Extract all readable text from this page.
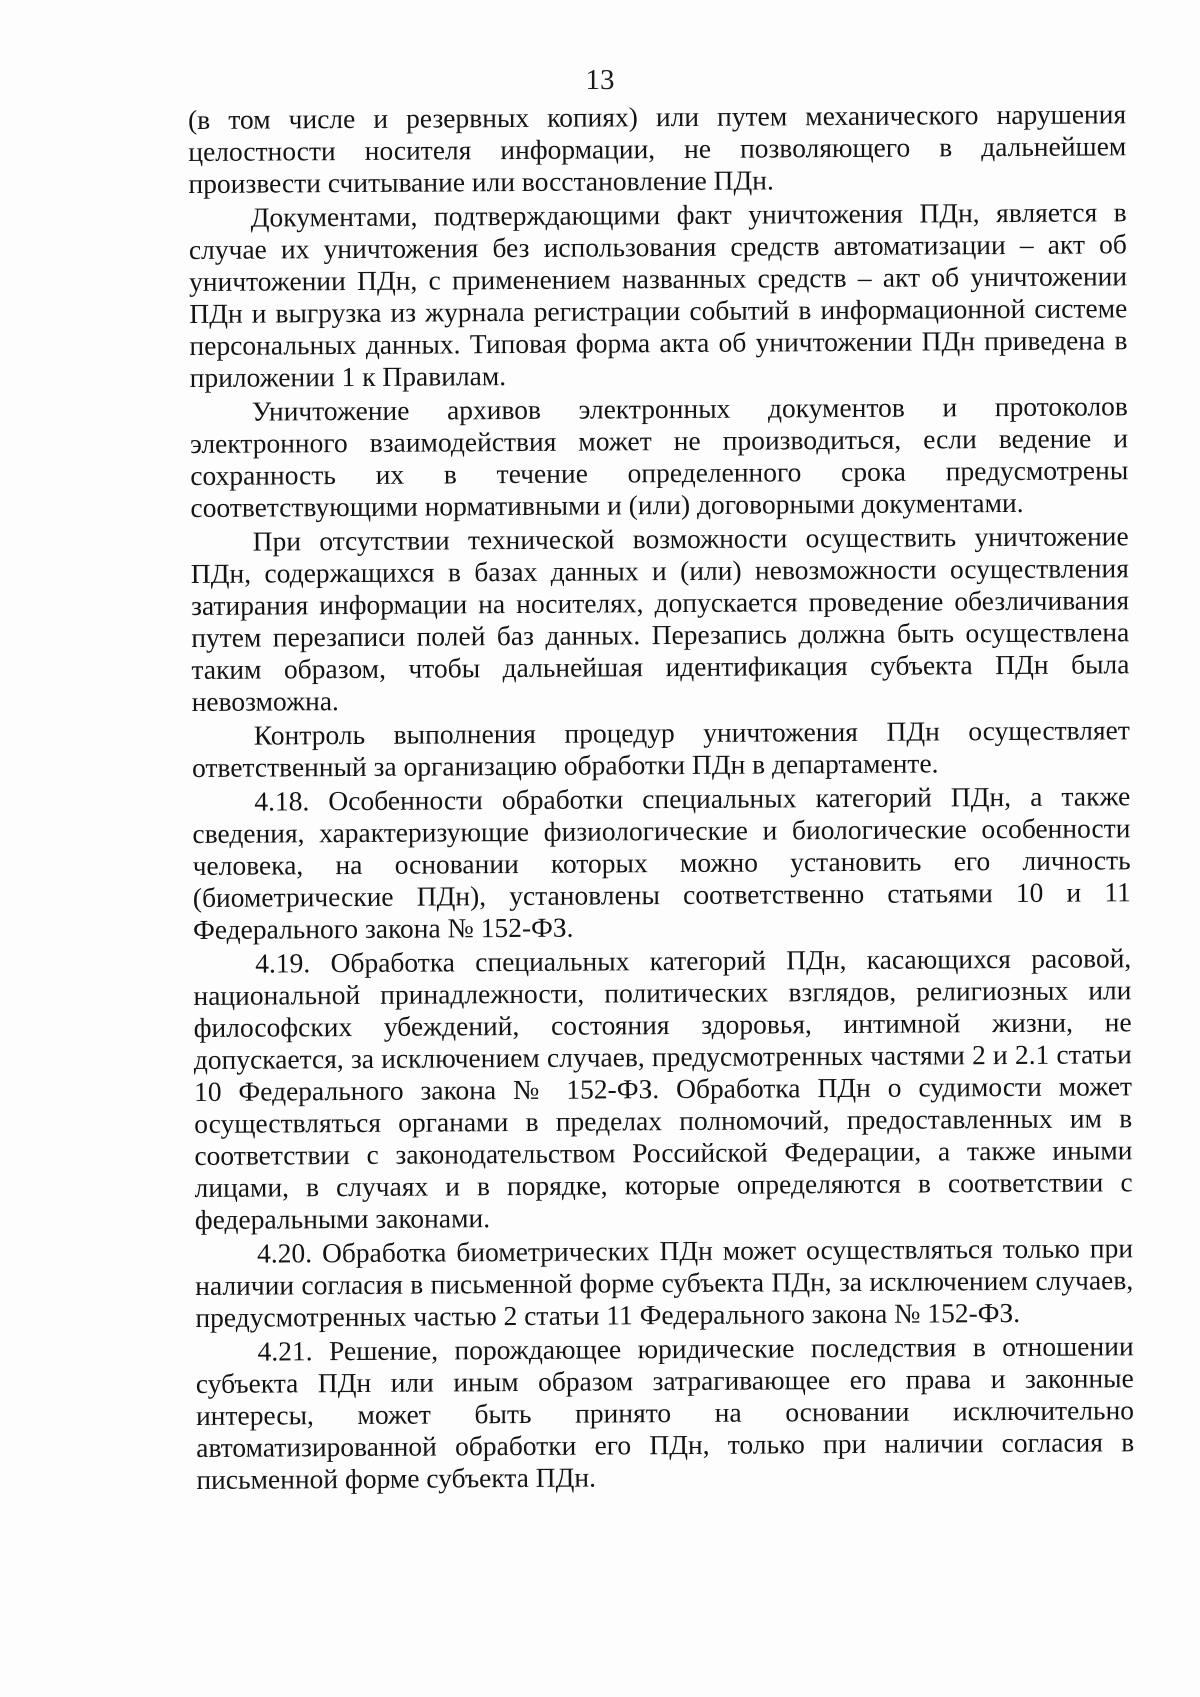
13

(в том числе и резервных копиях) или путем механического нарушения целостности носителя информации, не позволяющего в дальнейшем произвести считывание или восстановление ПДн.

Документами, подтверждающими факт уничтожения ПДн, является в случае их уничтожения без использования средств автоматизации – акт об уничтожении ПДн, с применением названных средств – акт об уничтожении ПДн и выгрузка из журнала регистрации событий в информационной системе персональных данных. Типовая форма акта об уничтожении ПДн приведена в приложении 1 к Правилам.

Уничтожение архивов электронных документов и протоколов электронного взаимодействия может не производиться, если ведение и сохранность их в течение определенного срока предусмотрены соответствующими нормативными и (или) договорными документами.

При отсутствии технической возможности осуществить уничтожение ПДн, содержащихся в базах данных и (или) невозможности осуществления затирания информации на носителях, допускается проведение обезличивания путем перезаписи полей баз данных. Перезапись должна быть осуществлена таким образом, чтобы дальнейшая идентификация субъекта ПДн была невозможна.

Контроль выполнения процедур уничтожения ПДн осуществляет ответственный за организацию обработки ПДн в департаменте.

4.18. Особенности обработки специальных категорий ПДн, а также сведения, характеризующие физиологические и биологические особенности человека, на основании которых можно установить его личность (биометрические ПДн), установлены соответственно статьями 10 и 11 Федерального закона № 152-ФЗ.

4.19. Обработка специальных категорий ПДн, касающихся расовой, национальной принадлежности, политических взглядов, религиозных или философских убеждений, состояния здоровья, интимной жизни, не допускается, за исключением случаев, предусмотренных частями 2 и 2.1 статьи 10 Федерального закона № 152-ФЗ. Обработка ПДн о судимости может осуществляться органами в пределах полномочий, предоставленных им в соответствии с законодательством Российской Федерации, а также иными лицами, в случаях и в порядке, которые определяются в соответствии с федеральными законами.

4.20. Обработка биометрических ПДн может осуществляться только при наличии согласия в письменной форме субъекта ПДн, за исключением случаев, предусмотренных частью 2 статьи 11 Федерального закона № 152-ФЗ.

4.21. Решение, порождающее юридические последствия в отношении субъекта ПДн или иным образом затрагивающее его права и законные интересы, может быть принято на основании исключительно автоматизированной обработки его ПДн, только при наличии согласия в письменной форме субъекта ПДн.
